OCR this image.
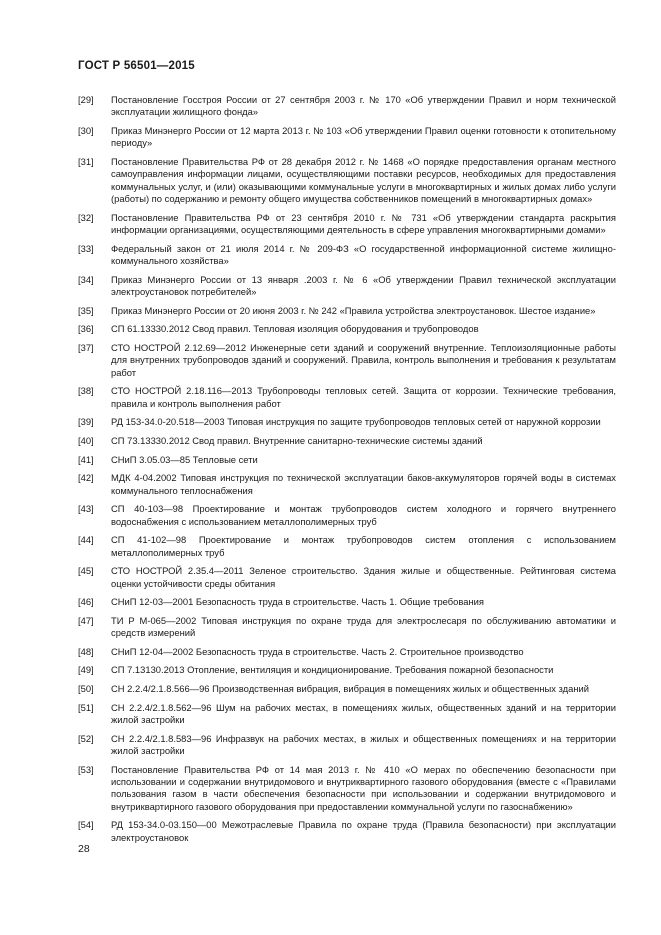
ГОСТ Р 56501—2015
[29]	Постановление Госстроя России от 27 сентября 2003 г. № 170 «Об утверждении Правил и норм технической эксплуатации жилищного фонда»
[30]	Приказ Минэнерго России от 12 марта 2013 г. № 103 «Об утверждении Правил оценки готовности к отопительному периоду»
[31]	Постановление Правительства РФ от 28 декабря 2012 г. № 1468 «О порядке предоставления органам местного самоуправления информации лицами, осуществляющими поставки ресурсов, необходимых для предоставления коммунальных услуг, и (или) оказывающими коммунальные услуги в многоквартирных и жилых домах либо услуги (работы) по содержанию и ремонту общего имущества собственников помещений в многоквартирных домах»
[32]	Постановление Правительства РФ от 23 сентября 2010 г. № 731 «Об утверждении стандарта раскрытия информации организациями, осуществляющими деятельность в сфере управления многоквартирными домами»
[33]	Федеральный закон от 21 июля 2014 г. № 209-ФЗ «О государственной информационной системе жилищно-коммунального хозяйства»
[34]	Приказ Минэнерго России от 13 января .2003 г. № 6 «Об утверждении Правил технической эксплуатации электроустановок потребителей»
[35]	Приказ Минэнерго России от 20 июня 2003 г. № 242 «Правила устройства электроустановок. Шестое издание»
[36]	СП 61.13330.2012 Свод правил. Тепловая изоляция оборудования и трубопроводов
[37]	СТО НОСТРОЙ 2.12.69—2012 Инженерные сети зданий и сооружений внутренние. Теплоизоляционные работы для внутренних трубопроводов зданий и сооружений. Правила, контроль выполнения и требования к результатам работ
[38]	СТО НОСТРОЙ 2.18.116—2013 Трубопроводы тепловых сетей. Защита от коррозии. Технические требования, правила и контроль выполнения работ
[39]	РД 153-34.0-20.518—2003 Типовая инструкция по защите трубопроводов тепловых сетей от наружной коррозии
[40]	СП 73.13330.2012 Свод правил. Внутренние санитарно-технические системы зданий
[41]	СНиП 3.05.03—85 Тепловые сети
[42]	МДК 4-04.2002 Типовая инструкция по технической эксплуатации баков-аккумуляторов горячей воды в системах коммунального теплоснабжения
[43]	СП 40-103—98 Проектирование и монтаж трубопроводов систем холодного и горячего внутреннего водоснабжения с использованием металлополимерных труб
[44]	СП 41-102—98 Проектирование и монтаж трубопроводов систем отопления с использованием металлополимерных труб
[45]	СТО НОСТРОЙ 2.35.4—2011 Зеленое строительство. Здания жилые и общественные. Рейтинговая система оценки устойчивости среды обитания
[46]	СНиП 12-03—2001 Безопасность труда в строительстве. Часть 1. Общие требования
[47]	ТИ Р М-065—2002 Типовая инструкция по охране труда для электрослесаря по обслуживанию автоматики и средств измерений
[48]	СНиП 12-04—2002 Безопасность труда в строительстве. Часть 2. Строительное производство
[49]	СП 7.13130.2013 Отопление, вентиляция и кондиционирование. Требования пожарной безопасности
[50]	СН 2.2.4/2.1.8.566—96 Производственная вибрация, вибрация в помещениях жилых и общественных зданий
[51]	СН 2.2.4/2.1.8.562—96 Шум на рабочих местах, в помещениях жилых, общественных зданий и на территории жилой застройки
[52]	СН 2.2.4/2.1.8.583—96 Инфразвук на рабочих местах, в жилых и общественных помещениях и на территории жилой застройки
[53]	Постановление Правительства РФ от 14 мая 2013 г. № 410 «О мерах по обеспечению безопасности при использовании и содержании внутридомового и внутриквартирного газового оборудования (вместе с «Правилами пользования газом в части обеспечения безопасности при использовании и содержании внутридомового и внутриквартирного газового оборудования при предоставлении коммунальной услуги по газоснабжению»
[54]	РД 153-34.0-03.150—00 Межотраслевые Правила по охране труда (Правила безопасности) при эксплуатации электроустановок
28
